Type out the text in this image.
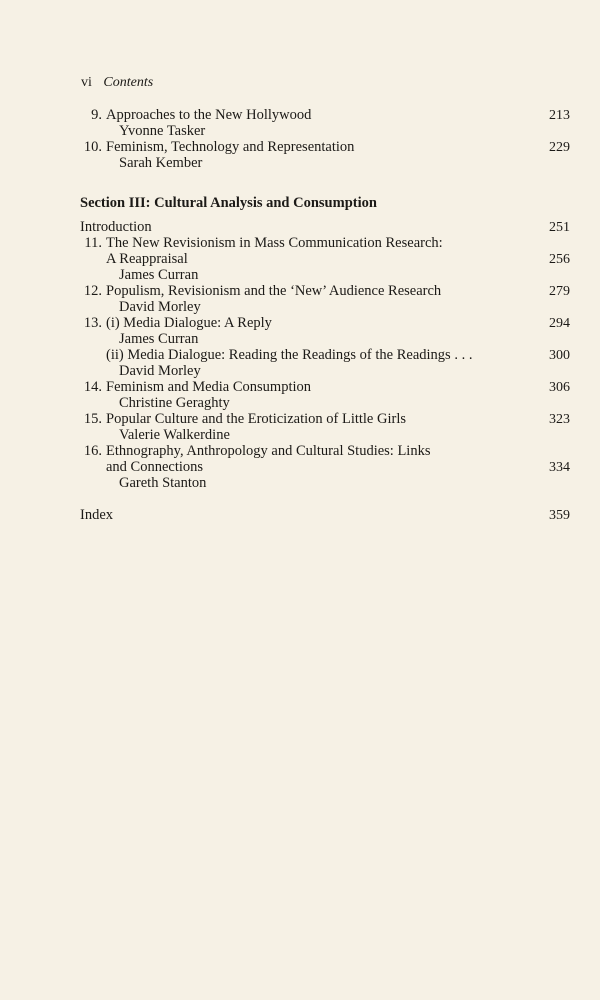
vi Contents
9. Approaches to the New Hollywood	213
Yvonne Tasker
10. Feminism, Technology and Representation	229
Sarah Kember
Section III: Cultural Analysis and Consumption
Introduction	251
11. The New Revisionism in Mass Communication Research:
A Reappraisal	256
James Curran
12. Populism, Revisionism and the ‘New’ Audience Research	279
David Morley
13. (i) Media Dialogue: A Reply	294
James Curran
(ii) Media Dialogue: Reading the Readings of the Readings . . .	300
David Morley
14. Feminism and Media Consumption	306
Christine Geraghty
15. Popular Culture and the Eroticization of Little Girls	323
Valerie Walkerdine
16. Ethnography, Anthropology and Cultural Studies: Links
and Connections	334
Gareth Stanton
Index	359
